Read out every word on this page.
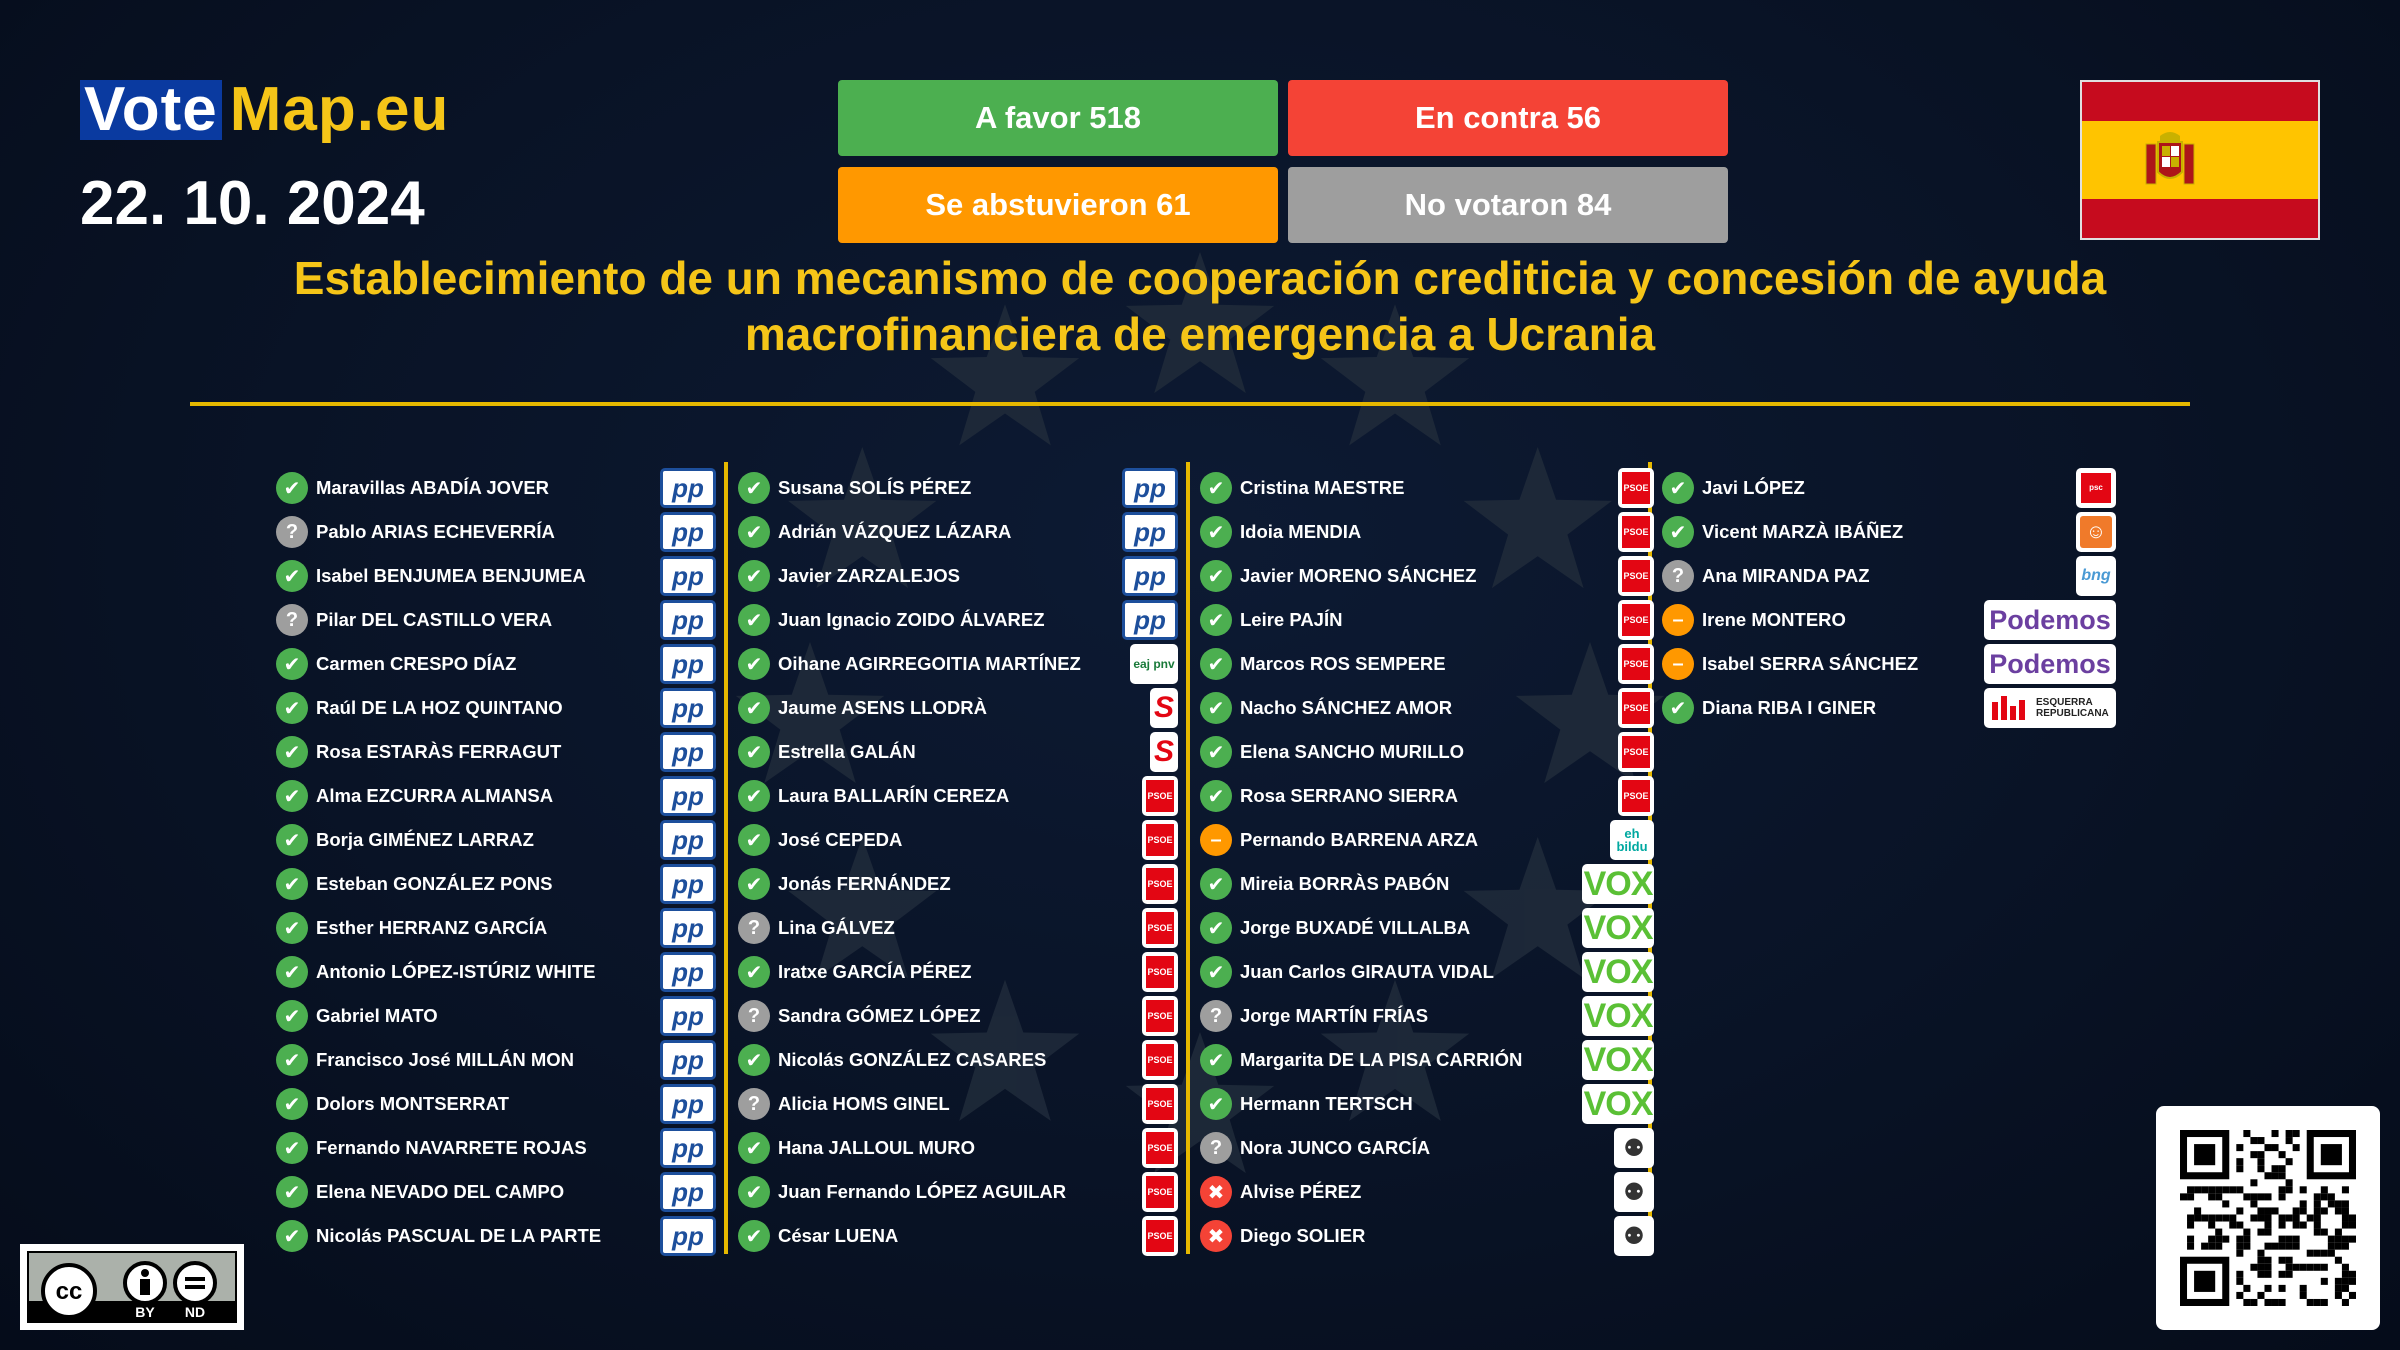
Vote Map.eu
22. 10. 2024
A favor 518	En contra 56
Se abstuvieron 61	No votaron 84
Establecimiento de un mecanismo de cooperación crediticia y concesión de ayuda macrofinanciera de emergencia a Ucrania
✔ Maravillas ABADÍA JOVER	pp
? Pablo ARIAS ECHEVERRÍA	pp
✔ Isabel BENJUMEA BENJUMEA	pp
? Pilar DEL CASTILLO VERA	pp
✔ Carmen CRESPO DÍAZ	pp
✔ Raúl DE LA HOZ QUINTANO	pp
✔ Rosa ESTARÀS FERRAGUT	pp
✔ Alma EZCURRA ALMANSA	pp
✔ Borja GIMÉNEZ LARRAZ	pp
✔ Esteban GONZÁLEZ PONS	pp
✔ Esther HERRANZ GARCÍA	pp
✔ Antonio LÓPEZ-ISTÚRIZ WHITE	pp
✔ Gabriel MATO	pp
✔ Francisco José MILLÁN MON	pp
✔ Dolors MONTSERRAT	pp
✔ Fernando NAVARRETE ROJAS	pp
✔ Elena NEVADO DEL CAMPO	pp
✔ Nicolás PASCUAL DE LA PARTE	pp
✔ Susana SOLÍS PÉREZ	pp
✔ Adrián VÁZQUEZ LÁZARA	pp
✔ Javier ZARZALEJOS	pp
✔ Juan Ignacio ZOIDO ÁLVAREZ	pp
✔ Oihane AGIRREGOITIA MARTÍNEZ	eaj pnv
✔ Jaume ASENS LLODRÀ	S
✔ Estrella GALÁN	S
✔ Laura BALLARÍN CEREZA	PSOE
✔ José CEPEDA	PSOE
✔ Jonás FERNÁNDEZ	PSOE
? Lina GÁLVEZ	PSOE
✔ Iratxe GARCÍA PÉREZ	PSOE
? Sandra GÓMEZ LÓPEZ	PSOE
✔ Nicolás GONZÁLEZ CASARES	PSOE
? Alicia HOMS GINEL	PSOE
✔ Hana JALLOUL MURO	PSOE
✔ Juan Fernando LÓPEZ AGUILAR	PSOE
✔ César LUENA	PSOE
✔ Cristina MAESTRE	PSOE
✔ Idoia MENDIA	PSOE
✔ Javier MORENO SÁNCHEZ	PSOE
✔ Leire PAJÍN	PSOE
✔ Marcos ROS SEMPERE	PSOE
✔ Nacho SÁNCHEZ AMOR	PSOE
✔ Elena SANCHO MURILLO	PSOE
✔ Rosa SERRANO SIERRA	PSOE
– Pernando BARRENA ARZA	eh bildu
✔ Mireia BORRÀS PABÓN	VOX
✔ Jorge BUXADÉ VILLALBA	VOX
✔ Juan Carlos GIRAUTA VIDAL	VOX
? Jorge MARTÍN FRÍAS	VOX
✔ Margarita DE LA PISA CARRIÓN VOX
✔ Hermann TERTSCH	VOX
? Nora JUNCO GARCÍA	⚉
✖ Alvise PÉREZ	⚉
✖ Diego SOLIER	⚉
✔ Javi LÓPEZ	psc
✔ Vicent MARZÀ IBÁÑEZ	☺
? Ana MIRANDA PAZ	bng
– Irene MONTERO	Podemos
– Isabel SERRA SÁNCHEZ	Podemos
✔ Diana RIBA I GINER	ESQUERRA REPUBLICANA
cc
BY ND
